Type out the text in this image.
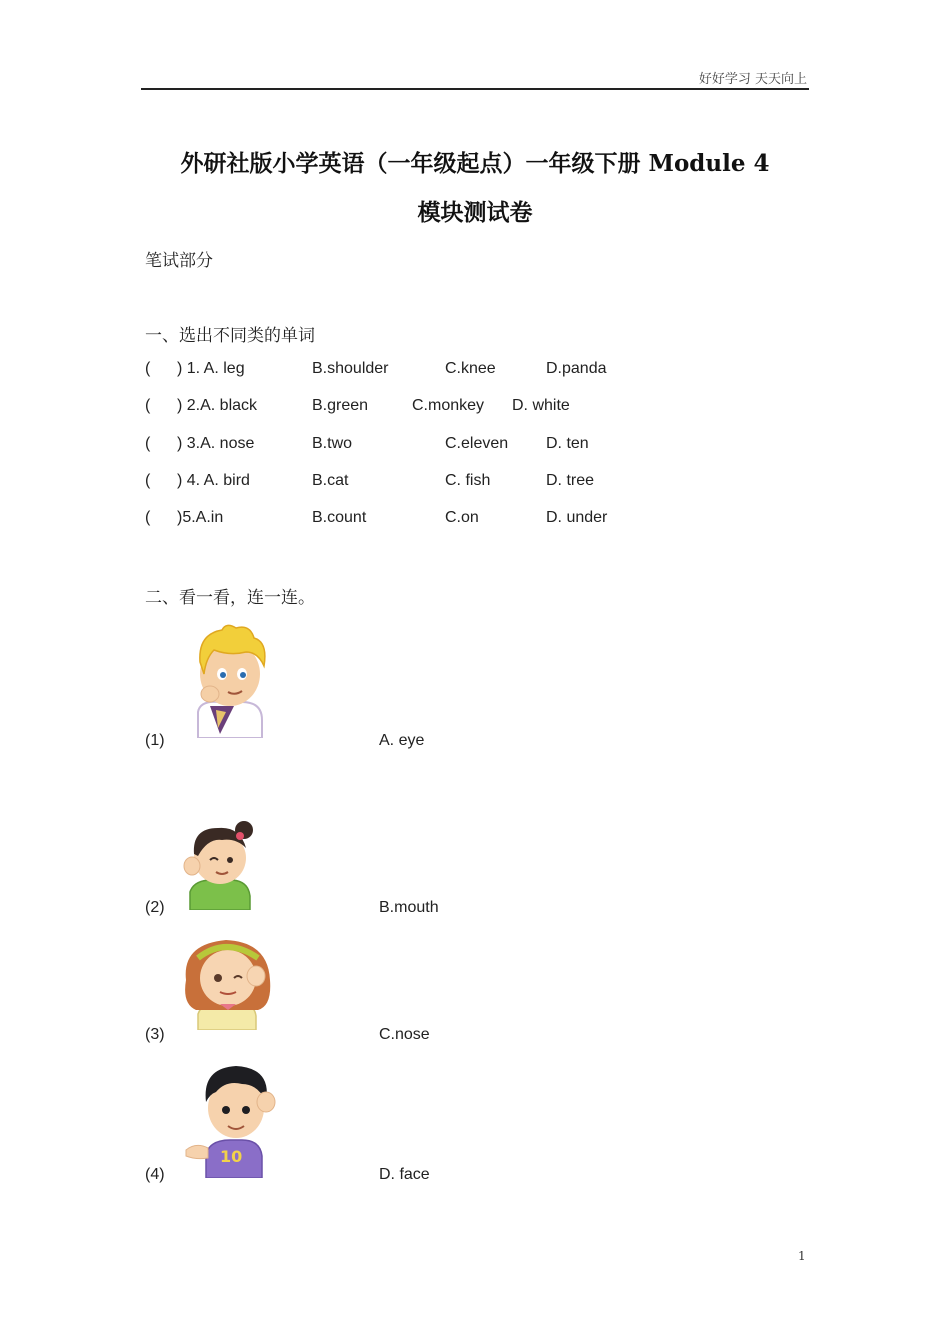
好好学习 天天向上
外研社版小学英语（一年级起点）一年级下册 Module 4
模块测试卷
笔试部分
一、选出不同类的单词
( ) 1. A. leg	B.shoulder	C.knee	D.panda
( ) 2.A. black	B.green	C.monkey D. white
( ) 3.A. nose	B.two	C.eleven D. ten
( ) 4. A. bird	B.cat	C. fish	D. tree
( )5.A.in	B.count	C.on	D. under
二、看一看，连一连。
(1)	A. eye
(2)	B.mouth
(3)	C.nose
10
(4)	D. face
1
